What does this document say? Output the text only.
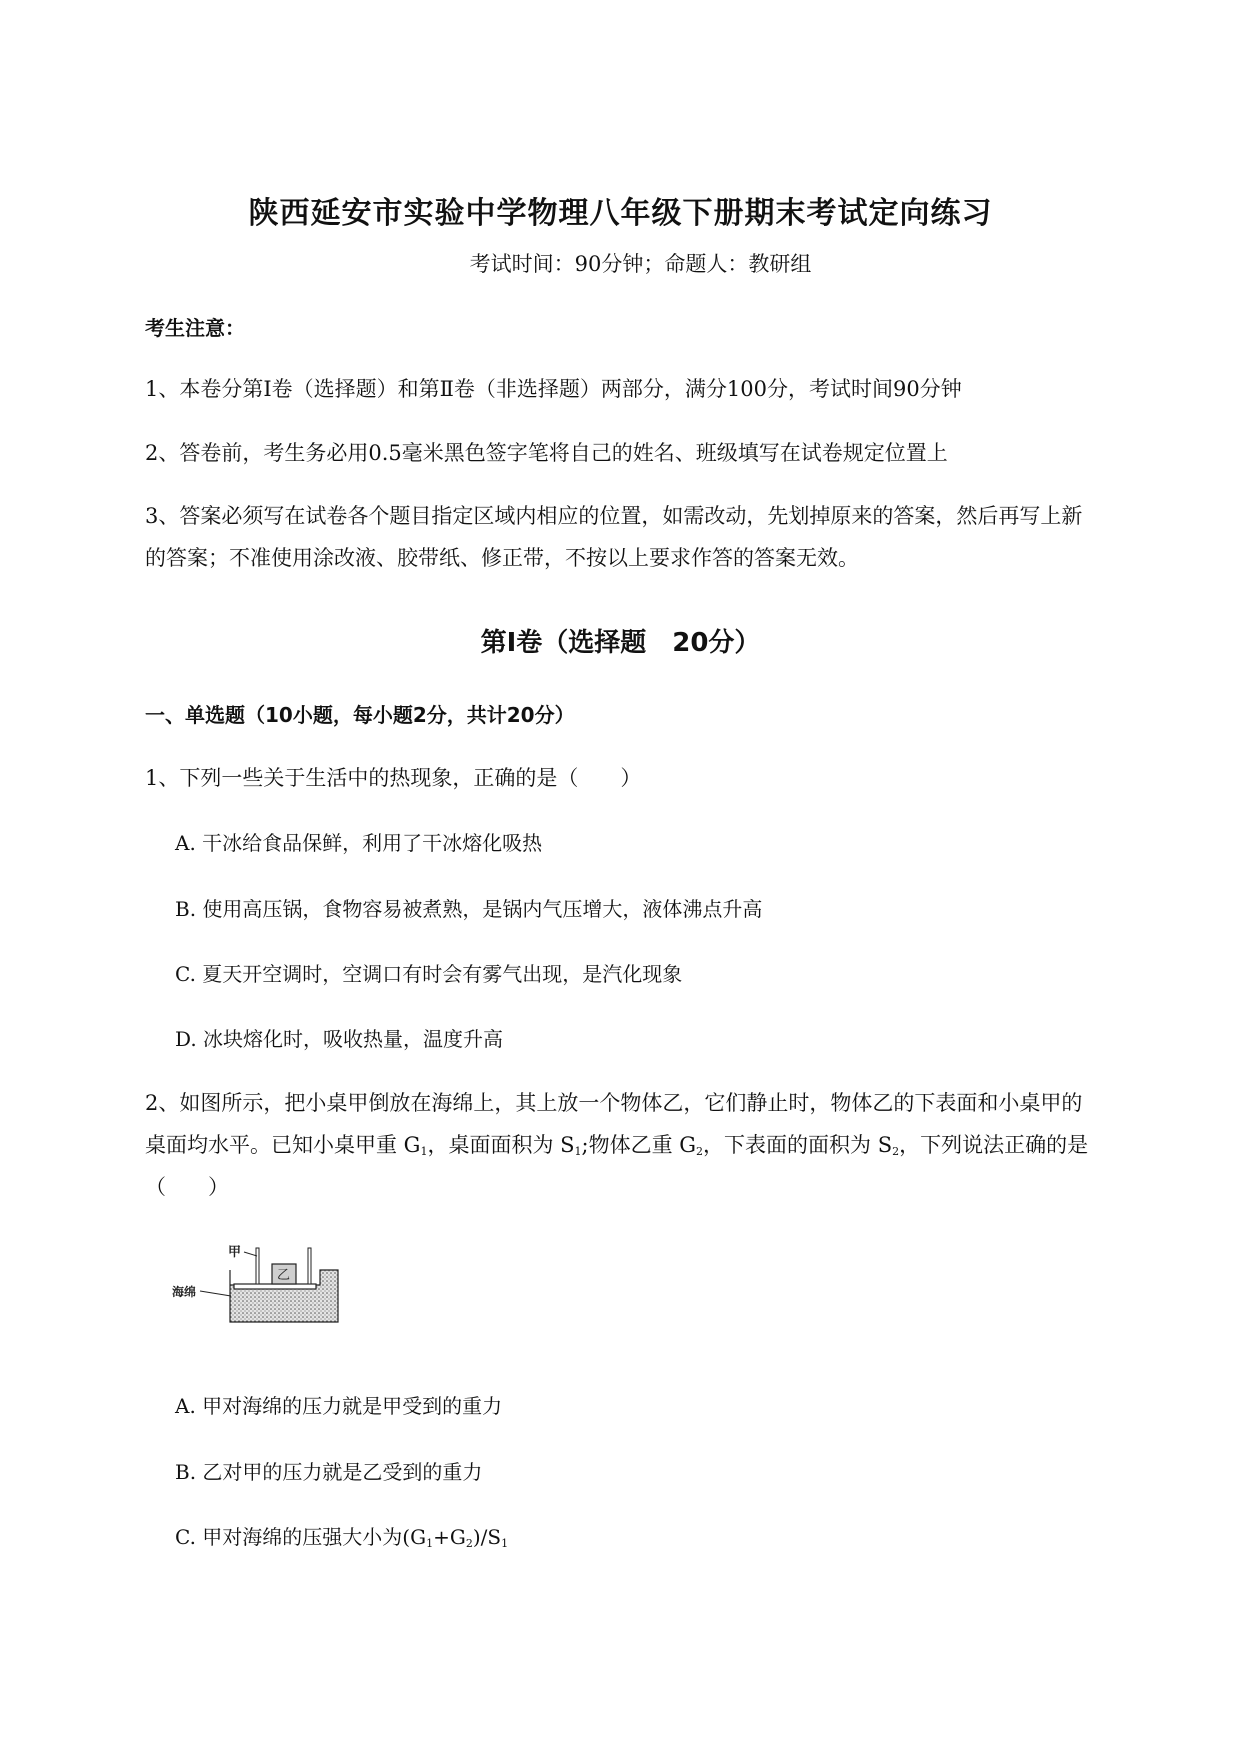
陕西延安市实验中学物理八年级下册期末考试定向练习
考试时间：90分钟；命题人：教研组
考生注意：
1、本卷分第Ⅰ卷（选择题）和第Ⅱ卷（非选择题）两部分，满分100分，考试时间90分钟
2、答卷前，考生务必用0.5毫米黑色签字笔将自己的姓名、班级填写在试卷规定位置上
3、答案必须写在试卷各个题目指定区域内相应的位置，如需改动，先划掉原来的答案，然后再写上新
的答案；不准使用涂改液、胶带纸、修正带，不按以上要求作答的答案无效。
第Ⅰ卷（选择题　20分）
一、单选题（10小题，每小题2分，共计20分）
1、下列一些关于生活中的热现象，正确的是（　　）
A. 干冰给食品保鲜，利用了干冰熔化吸热
B. 使用高压锅，食物容易被煮熟，是锅内气压增大，液体沸点升高
C. 夏天开空调时，空调口有时会有雾气出现，是汽化现象
D. 冰块熔化时，吸收热量，温度升高
2、如图所示，把小桌甲倒放在海绵上，其上放一个物体乙，它们静止时，物体乙的下表面和小桌甲的
桌面均水平。已知小桌甲重 $G_1$，桌面面积为 $S_1$;物体乙重 $G_2$，下表面的面积为 $S_2$，下列说法正确的是
（　　）
乙
甲
海绵
A. 甲对海绵的压力就是甲受到的重力
B. 乙对甲的压力就是乙受到的重力
C. 甲对海绵的压强大小为$(G_1+G_2)/S_1$
